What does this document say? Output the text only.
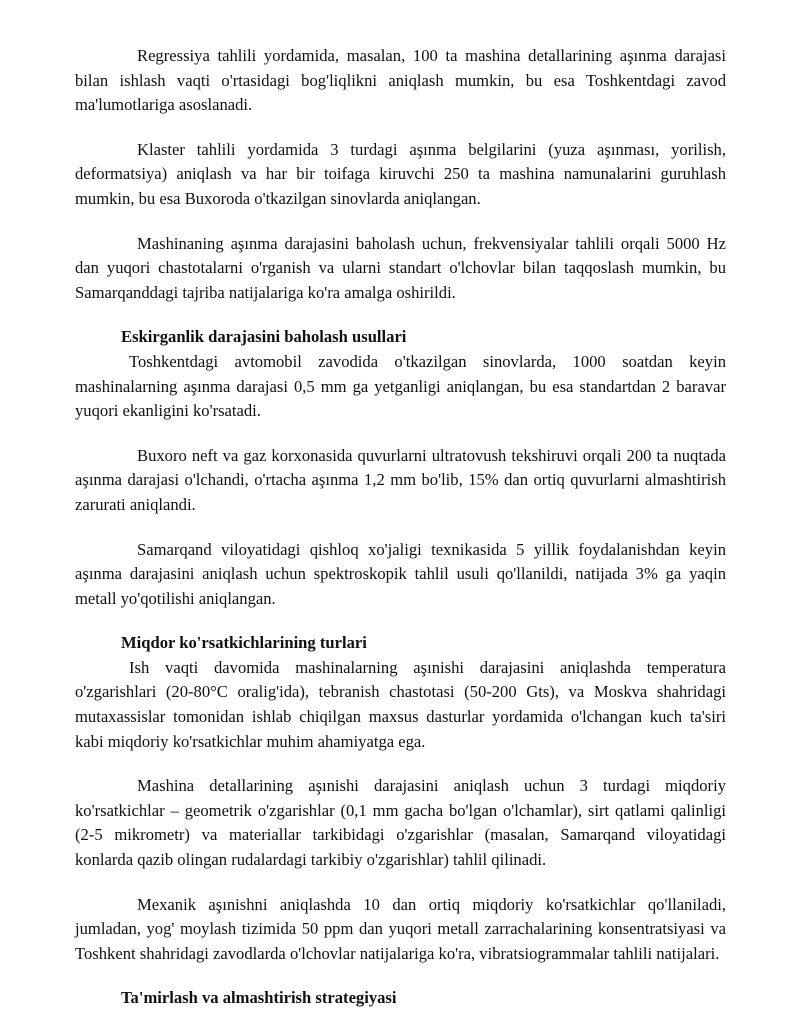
Regressiya tahlili yordamida, masalan, 100 ta mashina detallarining aşınma darajasi bilan ishlash vaqti o'rtasidagi bog'liqlikni aniqlash mumkin, bu esa Toshkentdagi zavod ma'lumotlariga asoslanadi.

Klaster tahlili yordamida 3 turdagi aşınma belgilarini (yuza aşınması, yorilish, deformatsiya) aniqlash va har bir toifaga kiruvchi 250 ta mashina namunalarini guruhlash mumkin, bu esa Buxoroda o'tkazilgan sinovlarda aniqlangan.

Mashinaning aşınma darajasini baholash uchun, frekvensiyalar tahlili orqali 5000 Hz dan yuqori chastotalarni o'rganish va ularni standart o'lchovlar bilan taqqoslash mumkin, bu Samarqanddagi tajriba natijalariga ko'ra amalga oshirildi.

Eskirganlik darajasini baholash usullari

Toshkentdagi avtomobil zavodida o'tkazilgan sinovlarda, 1000 soatdan keyin mashinalarning aşınma darajasi 0,5 mm ga yetganligi aniqlangan, bu esa standartdan 2 baravar yuqori ekanligini ko'rsatadi.

Buxoro neft va gaz korxonasida quvurlarni ultratovush tekshiruvi orqali 200 ta nuqtada aşınma darajasi o'lchandi, o'rtacha aşınma 1,2 mm bo'lib, 15% dan ortiq quvurlarni almashtirish zarurati aniqlandi.

Samarqand viloyatidagi qishloq xo'jaligi texnikasida 5 yillik foydalanishdan keyin aşınma darajasini aniqlash uchun spektroskopik tahlil usuli qo'llanildi, natijada 3% ga yaqin metall yo'qotilishi aniqlangan.

Miqdor ko'rsatkichlarining turlari

Ish vaqti davomida mashinalarning aşınishi darajasini aniqlashda temperatura o'zgarishlari (20-80°C oralig'ida), tebranish chastotasi (50-200 Gts), va Moskva shahridagi mutaxassislar tomonidan ishlab chiqilgan maxsus dasturlar yordamida o'lchangan kuch ta'siri kabi miqdoriy ko'rsatkichlar muhim ahamiyatga ega.

Mashina detallarining aşınishi darajasini aniqlash uchun 3 turdagi miqdoriy ko'rsatkichlar – geometrik o'zgarishlar (0,1 mm gacha bo'lgan o'lchamlar), sirt qatlami qalinligi (2-5 mikrometr) va materiallar tarkibidagi o'zgarishlar (masalan, Samarqand viloyatidagi konlarda qazib olingan rudalardagi tarkibiy o'zgarishlar) tahlil qilinadi.

Mexanik aşınishni aniqlashda 10 dan ortiq miqdoriy ko'rsatkichlar qo'llaniladi, jumladan, yog' moylash tizimida 50 ppm dan yuqori metall zarrachalarining konsentratsiyasi va Toshkent shahridagi zavodlarda o'lchovlar natijalariga ko'ra, vibratsiogrammalar tahlili natijalari.

Ta'mirlash va almashtirish strategiyasi
